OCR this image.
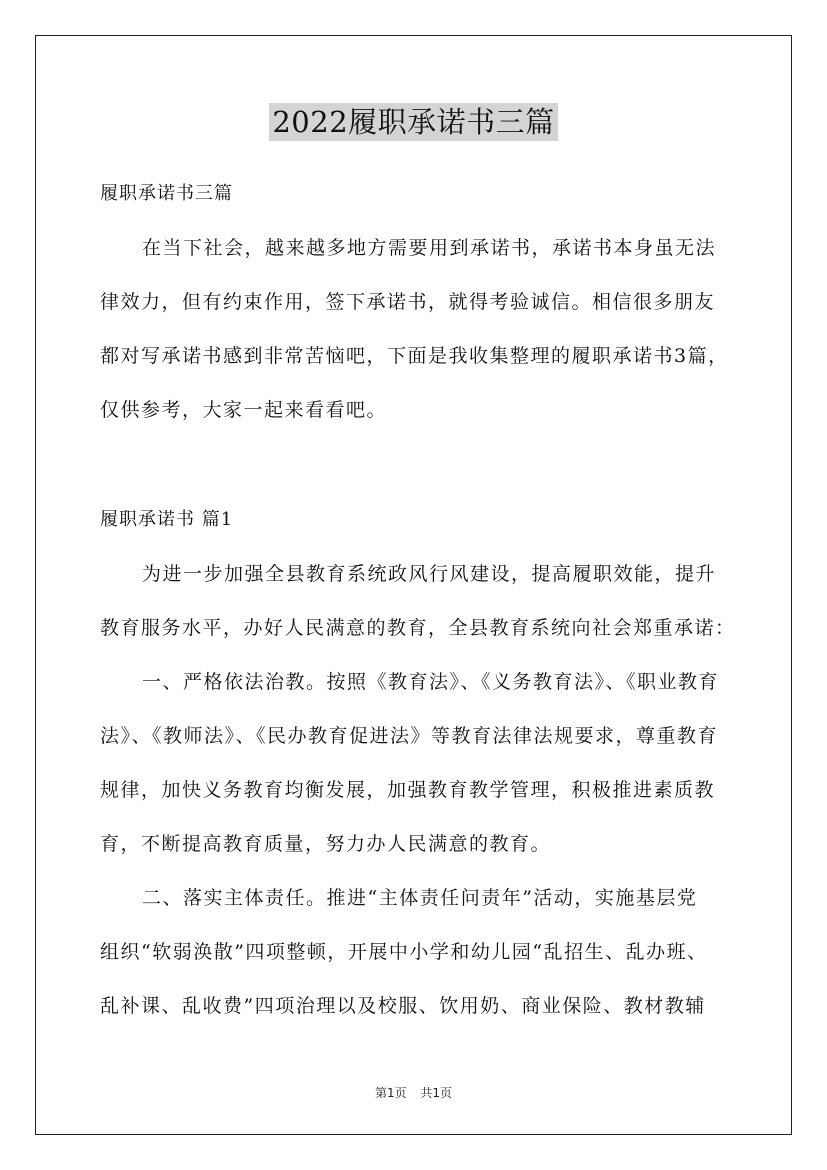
2022履职承诺书三篇
履职承诺书三篇
在当下社会，越来越多地方需要用到承诺书，承诺书本身虽无法
律效力，但有约束作用，签下承诺书，就得考验诚信。相信很多朋友
都对写承诺书感到非常苦恼吧，下面是我收集整理的履职承诺书3篇，
仅供参考，大家一起来看看吧。
履职承诺书 篇1
为进一步加强全县教育系统政风行风建设，提高履职效能，提升
教育服务水平，办好人民满意的教育，全县教育系统向社会郑重承诺：
一、严格依法治教。按照《教育法》、《义务教育法》、《职业教育
法》、《教师法》、《民办教育促进法》等教育法律法规要求，尊重教育
规律，加快义务教育均衡发展，加强教育教学管理，积极推进素质教
育，不断提高教育质量，努力办人民满意的教育。
二、落实主体责任。推进“主体责任问责年”活动，实施基层党
组织“软弱涣散”四项整顿，开展中小学和幼儿园“乱招生、乱办班、
乱补课、乱收费”四项治理以及校服、饮用奶、商业保险、教材教辅
第1页 共1页
